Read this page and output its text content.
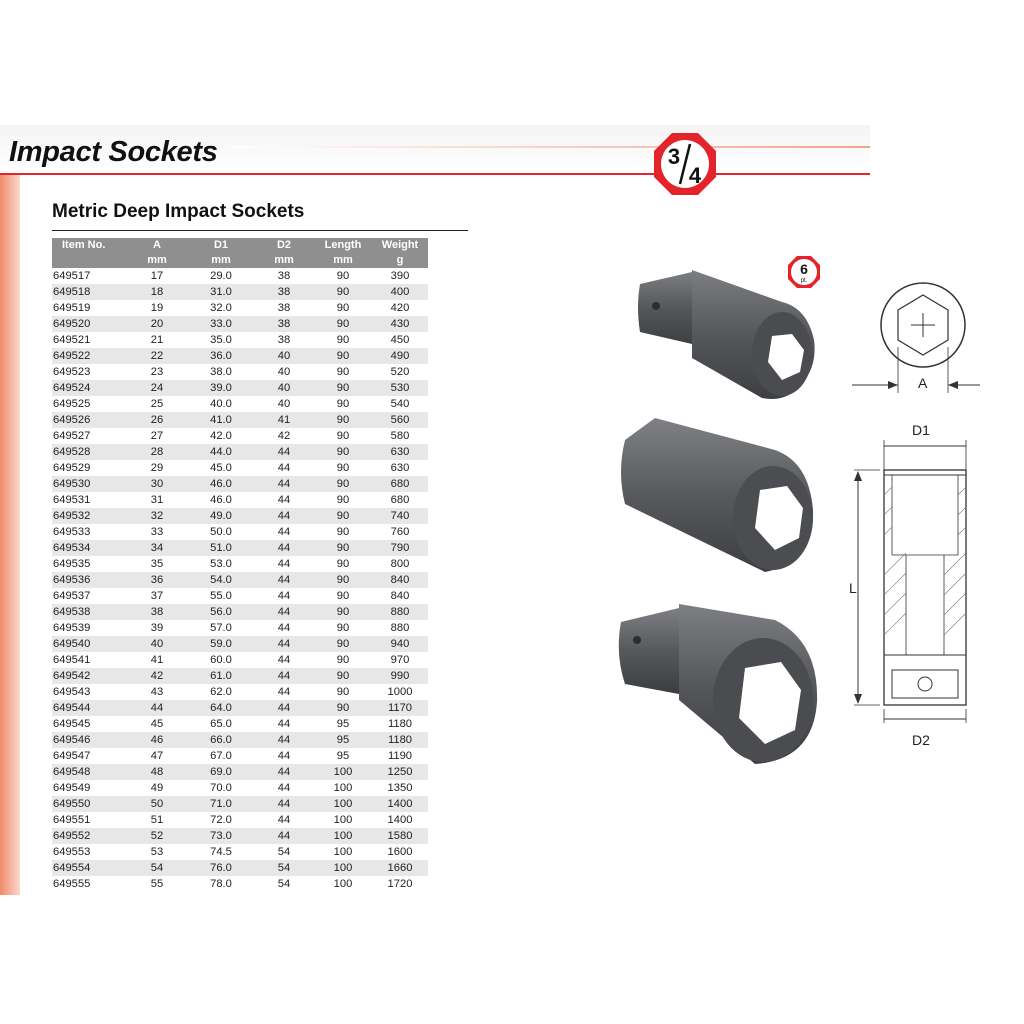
Impact Sockets	3
4
Metric Deep Impact Sockets
Item No.	A	D1	D2	Length	Weight
	mm	mm	mm	mm	g
649517	17	29.0	38	90	390
649518	18	31.0	38	90	400
649519	19	32.0	38	90	420
649520	20	33.0	38	90	430
649521	21	35.0	38	90	450
649522	22	36.0	40	90	490
649523	23	38.0	40	90	520
649524	24	39.0	40	90	530
649525	25	40.0	40	90	540
649526	26	41.0	41	90	560
649527	27	42.0	42	90	580
649528	28	44.0	44	90	630
649529	29	45.0	44	90	630
649530	30	46.0	44	90	680
649531	31	46.0	44	90	680
649532	32	49.0	44	90	740
649533	33	50.0	44	90	760
649534	34	51.0	44	90	790
649535	35	53.0	44	90	800
649536	36	54.0	44	90	840
649537	37	55.0	44	90	840
649538	38	56.0	44	90	880
649539	39	57.0	44	90	880
649540	40	59.0	44	90	940
649541	41	60.0	44	90	970
649542	42	61.0	44	90	990
649543	43	62.0	44	90	1000
649544	44	64.0	44	90	1170
649545	45	65.0	44	95	1180
649546	46	66.0	44	95	1180
649547	47	67.0	44	95	1190
649548	48	69.0	44	100	1250
649549	49	70.0	44	100	1350
649550	50	71.0	44	100	1400
649551	51	72.0	44	100	1400
649552	52	73.0	44	100	1580
649553	53	74.5	54	100	1600
649554	54	76.0	54	100	1660
649555	55	78.0	54	100	1720
6
pt.
A
D1
L
D2
